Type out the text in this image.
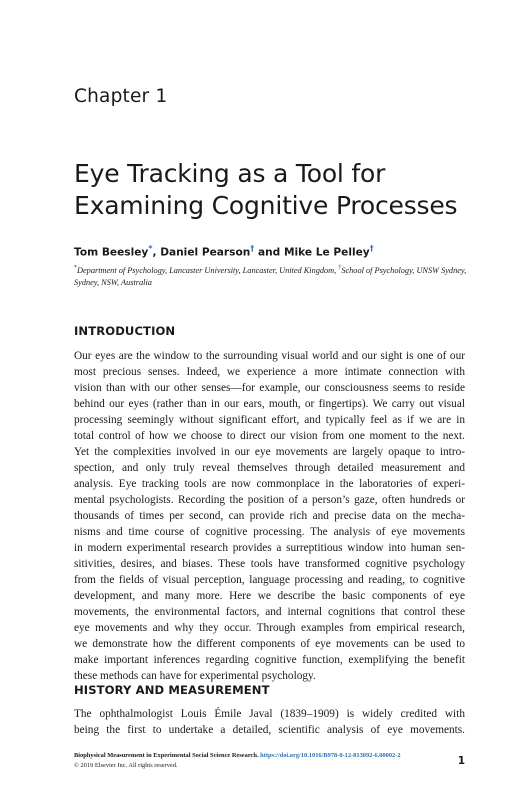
Chapter 1
Eye Tracking as a Tool for
Examining Cognitive Processes
Tom Beesley*, Daniel Pearson† and Mike Le Pelley†
*Department of Psychology, Lancaster University, Lancaster, United Kingdom, †School of Psychology, UNSW Sydney, Sydney, NSW, Australia
INTRODUCTION
Our eyes are the window to the surrounding visual world and our sight is one of our
most precious senses. Indeed, we experience a more intimate connection with
vision than with our other senses—for example, our consciousness seems to reside
behind our eyes (rather than in our ears, mouth, or fingertips). We carry out visual
processing seemingly without significant effort, and typically feel as if we are in
total control of how we choose to direct our vision from one moment to the next.
Yet the complexities involved in our eye movements are largely opaque to intro-
spection, and only truly reveal themselves through detailed measurement and
analysis. Eye tracking tools are now commonplace in the laboratories of experi-
mental psychologists. Recording the position of a person’s gaze, often hundreds or
thousands of times per second, can provide rich and precise data on the mecha-
nisms and time course of cognitive processing. The analysis of eye movements
in modern experimental research provides a surreptitious window into human sen-
sitivities, desires, and biases. These tools have transformed cognitive psychology
from the fields of visual perception, language processing and reading, to cognitive
development, and many more. Here we describe the basic components of eye
movements, the environmental factors, and internal cognitions that control these
eye movements and why they occur. Through examples from empirical research,
we demonstrate how the different components of eye movements can be used to
make important inferences regarding cognitive function, exemplifying the benefit
these methods can have for experimental psychology.
HISTORY AND MEASUREMENT
The ophthalmologist Louis Émile Javal (1839–1909) is widely credited with
being the first to undertake a detailed, scientific analysis of eye movements.
Biophysical Measurement in Experimental Social Science Research. https://doi.org/10.1016/B978-0-12-813092-6.00002-2
© 2019 Elsevier Inc. All rights reserved.	1
